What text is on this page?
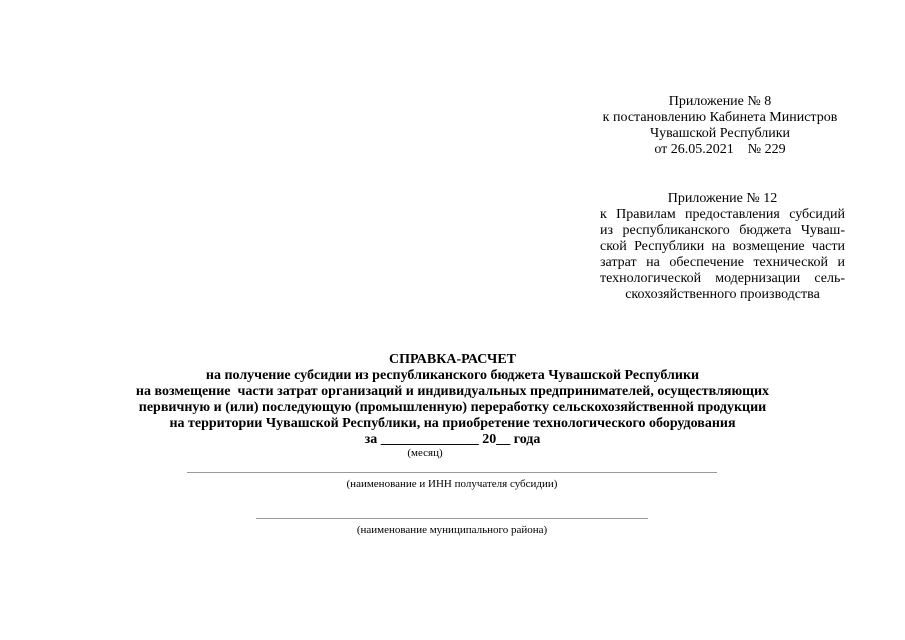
Приложение № 8
к постановлению Кабинета Министров
Чувашской Республики
от 26.05.2021    № 229
Приложение № 12
к Правилам предоставления субсидий
из республиканского бюджета Чуваш-
ской Республики на возмещение части
затрат на обеспечение технической и
технологической модернизации сель-
скохозяйственного производства
СПРАВКА-РАСЧЕТ
на получение субсидии из республиканского бюджета Чувашской Республики
на возмещение  части затрат организаций и индивидуальных предпринимателей, осуществляющих
первичную и (или) последующую (промышленную) переработку сельскохозяйственной продукции
на территории Чувашской Республики, на приобретение технологического оборудования
за ______________ 20__ года
(месяц)
(наименование и ИНН получателя субсидии)
(наименование муниципального района)
